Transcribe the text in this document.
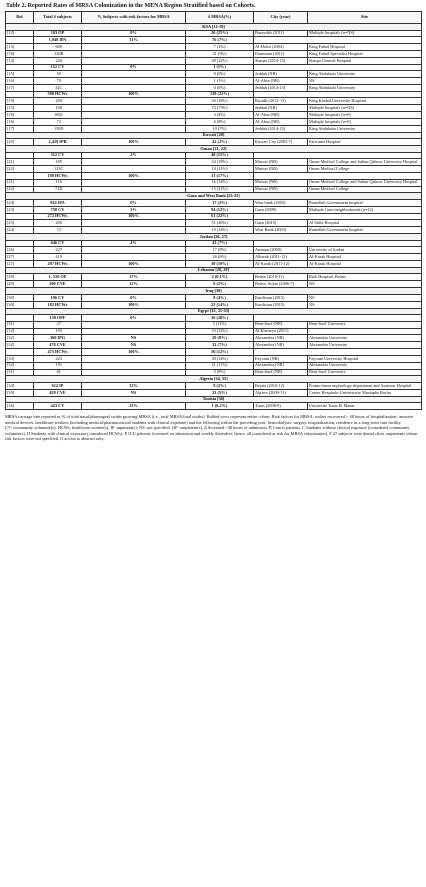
Table 2. Reported Rates of MRSA Colonization in the MENA Region Stratified based on Cohorts.
Ref	Total # subjects	% Subjects with risk factors for MRSA	# MRSA(%)	City (year)	Site
KSA [12-19]					
[12]	103 OP	0%	26 (25%)	Buraydah (2011)	Multiple hospitals (n=NS)
	1,048 IPA	31%	76 (7%)		
[13]	· 600		7 (1%)	Al-Hofuf (2004)	King Fahad Hospital
[18]	· 228B		21 (9%)	Dammam (2011)	King Fahad Specialist Hospital
[14]	· 220		48 (22%)	Shaqra (2014-15)	Shaqra General Hospital
	152 CV	0%	1 (1%)		
[15]	· 50		0 (0%)	Jeddah (NR)	King Abdulaziz University
[16]	· 70		1 (1%)	Al-Ahsa (NR)	NS
[17]	· 32C		0 (0%)	Jeddah (2014-15)	King Abdulaziz University
	590 HCWs	100%	128 (22%)		
[19]	· 200		36 (18%)	Riyadh (2012-13)	King Khaled University Hospital
[15]	· 100		73 (73%)	Jeddah (NR)	Multiple hospitals (n=NS)
[16]	· 68D		3 (4%)	Al-Ahsa (NR)	Multiple hospitals (n=6)
[16]	· 72		6 (8%)	Al-Ahsa (NR)	Multiple hospitals (n=6)
[17]	· 150D		10 (7%)	Jeddah (2014-15)	King Abdulaziz University
Kuwait [20]					
[20]	2,429 IPB	100%	42 (2%)	Kuwait City (2005-7)	Farwania Hospital
Oman [21, 22]					
	312 CV	2%	48 (15%)		
[21]	· 189		34 (18%)	Muscat (NR)	Oman Medical College and Sultan Qaboos University Hospital
[22]	· 123C		14 (11%)	Muscat (NR)	Oman Medical College
	188 HCWs	100%	31 (17%)		
[21]	· 116		16 (14%)	Muscat (NR)	Oman Medical College and Sultan Qaboos University Hospital
[22]	· 72D		15 (21%)	Muscat (NR)	Oman Medical College
Gaza and West Bank [23-25]					
[24]	843 IPA	0%	17 (2%)	West bank (2003)	Ramallah Government hospital
[23]	758 CV	3%	94 (12%)	Gaza (2009)	Multiple Gaza neighborhoods (n=12)
	272 HCWs	100%	61 (22%)		
[25]	· 200		51 (26%)	Gaza (2015)	Al Shifa Hospital
[24]	· 72		10 (14%)	West Bank (2003)	Ramallah Government hospital
Jordan [26, 27]					
	646 CV	4%	43 (7%)		
[26]	· 227		17 (8%)	Amman (2009)	University of Jordan
[27]	· 419		26 (6%)	Alkarak (2011-12)	Al-Karak Hospital
[27]	297 HCWs	100%	30 (10%)	Al-Karak (2011-12)	Al-Karak Hospital
Lebanon [28, 29]					
[28]	1, 526 OP	17%	2 (0.1%)	Beirut (2010-11)	Rizk Hospital, Beirut
[29]	500 CVE	12%	8 (2%)	Beirut, Sidon (2006-7)	NS
Iraq [30]					
[30]	196 CV	0%	8 (4%)	Kurdistan (2015)	NS
[30]	182 HCWs	100%	25 (14%)	Kurdistan (2015)	NS
Egypt [12, 31-33]					
	130 OPF	0%	36 (28%)		
[31]	· 27		3 (11%)	Beni-Suef (NR)	Beni-Suef University
[12]	· 103		33 (32%)	Al Kheireya (2011)	-
[32]	360 IPG	NS	29 (8%)	Alexandria (NR)	Alexandria University
[32]	470 CVE	NS	32 (7%)	Alexandria (NR)	Alexandria University
	475 HCWs	100%	56 (12%)		
[33]	· 223		30 (14%)	Fayoum (NR)	Fayoum University Hospital
[32]	· 191		21 (11%)	Alexandria (NR)	Alexandria University
[31]	· 61		5 (8%)	Beni-Suef (NR)	Beni-Suef University
Algeria [34, 35]					
[34]	612 IP	33%	9 (2%)	Bejaia (2010-12)	Frantz-fanon nephrology department and Amizour Hospital
[35]	459 CVE	NS	23 (5%)	Algiers (2009-11)	Centre Hospitalo-Universtaire Mustapha Bacha
Tunisia [36]					
[36]	423 CV	23%	1 (0.2%)	Tunis (2008-9)	Université Tunis El Manar

MRSA carriage rate reported as % of total nasal/pharyngeal swabs growing MRSA (i.e., total MRSA/total swabs). Bolded rows represent entire cohort. Risk factors for MRSA: isolate recovered > 48 hours of hospitalization, invasive medical devices, healthcare workers (including medical/pharmaceutical students with clinical exposure) and the following within the preceding year: hemodialysis, surgery, hospitalization, residence in a long-term care facility.

CV: community volunteer(s); HCWs: healthcare worker(s); IP: inpatient(s); NS: not specified; OP: outpatient(s). A Screened <48 hours of admission, B Cancer patients, C Students without clinical exposure (considered community volunteers), D Students with clinical exposure (considered HCWs), E ICU patients [screened on admission and weekly thereafter; hence, all considered at risk for MRSA colonization], F 27 subjects were dental clinic outpatients whose risk factors were not specified, G access to abstract only.
